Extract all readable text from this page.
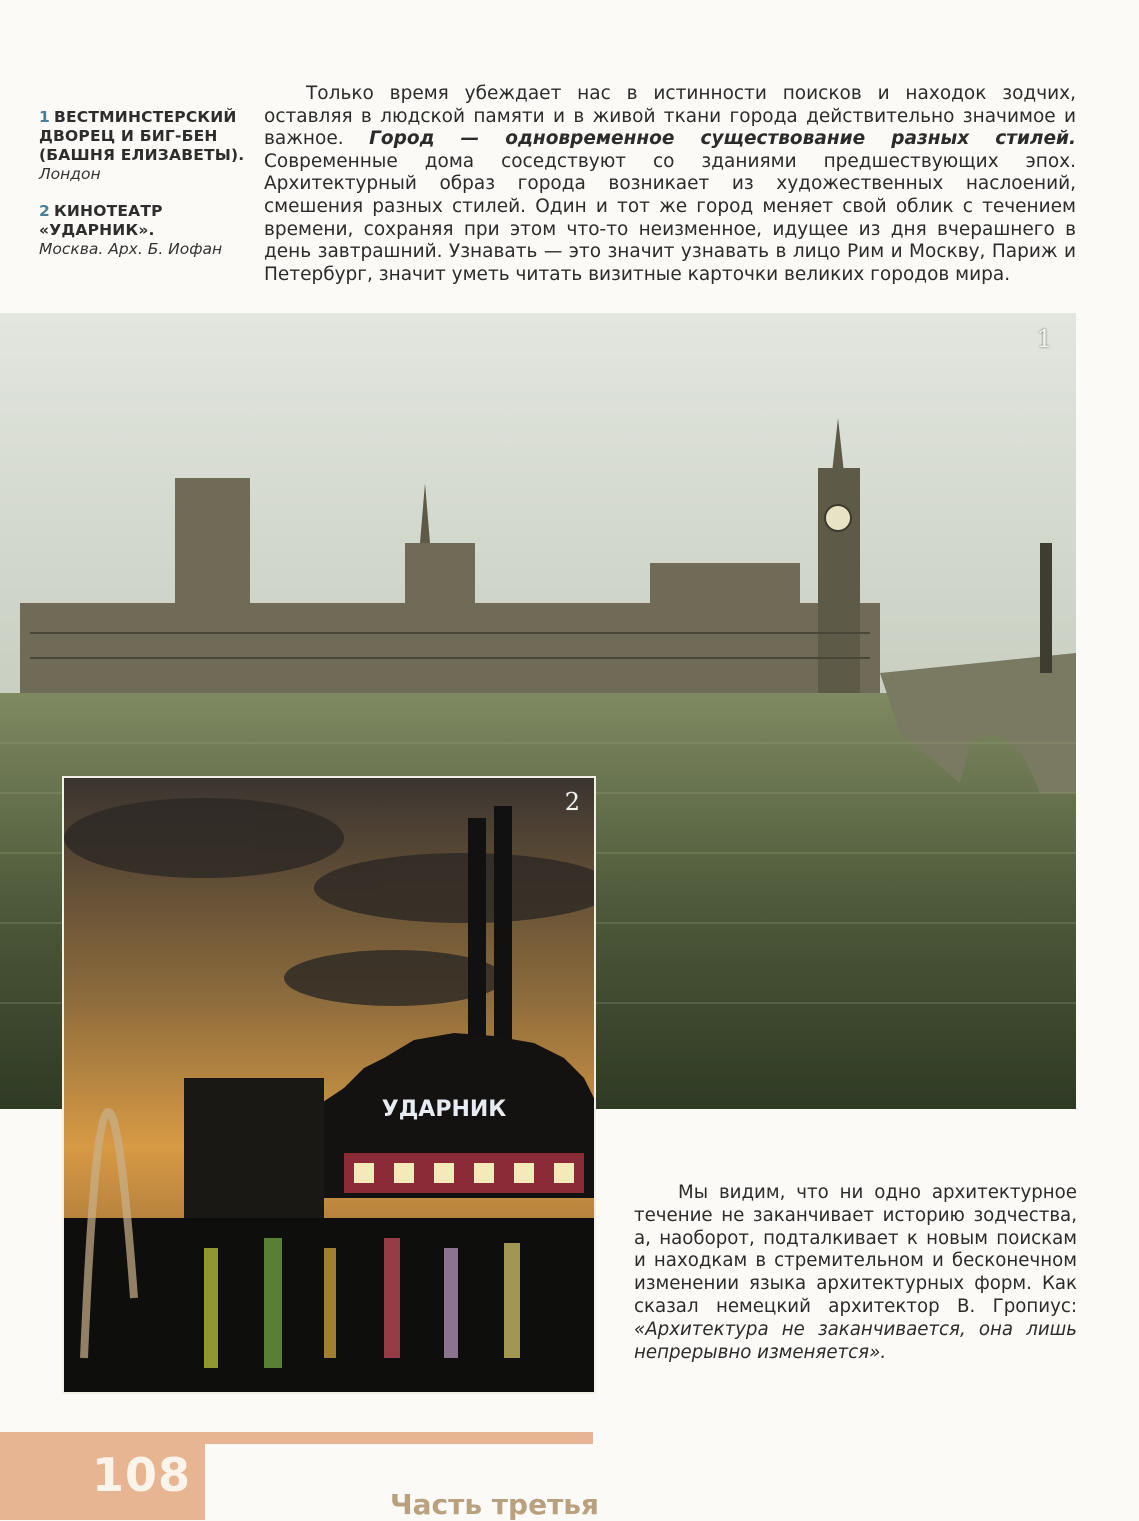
1 ВЕСТМИНСТЕРСКИЙ ДВОРЕЦ И БИГ-БЕН (БАШНЯ ЕЛИЗАВЕТЫ).
Лондон
2 КИНОТЕАТР «УДАРНИК».
Москва. Арх. Б. Иофан

Только время убеждает нас в истинности поисков и находок зодчих, оставляя в людской памяти и в живой ткани города действительно значимое и важное. Город — одновременное существование разных стилей. Современные дома соседствуют со зданиями предшествующих эпох. Архитектурный образ города возникает из художественных наслоений, смешения разных стилей. Один и тот же город меняет свой облик с течением времени, сохраняя при этом что-то неизменное, идущее из дня вчерашнего в день завтрашний. Узнавать — это значит узнавать в лицо Рим и Москву, Париж и Петербург, значит уметь читать визитные карточки великих городов мира.

1
УДАРНИК
2

Мы видим, что ни одно архитектурное течение не заканчивает историю зодчества, а, наоборот, подталкивает к новым поискам и находкам в стремительном и бесконечном изменении языка архитектурных форм. Как сказал немецкий архитектор В. Гропиус: «Архитектура не заканчивается, она лишь непрерывно изменяется».

108
Часть третья
